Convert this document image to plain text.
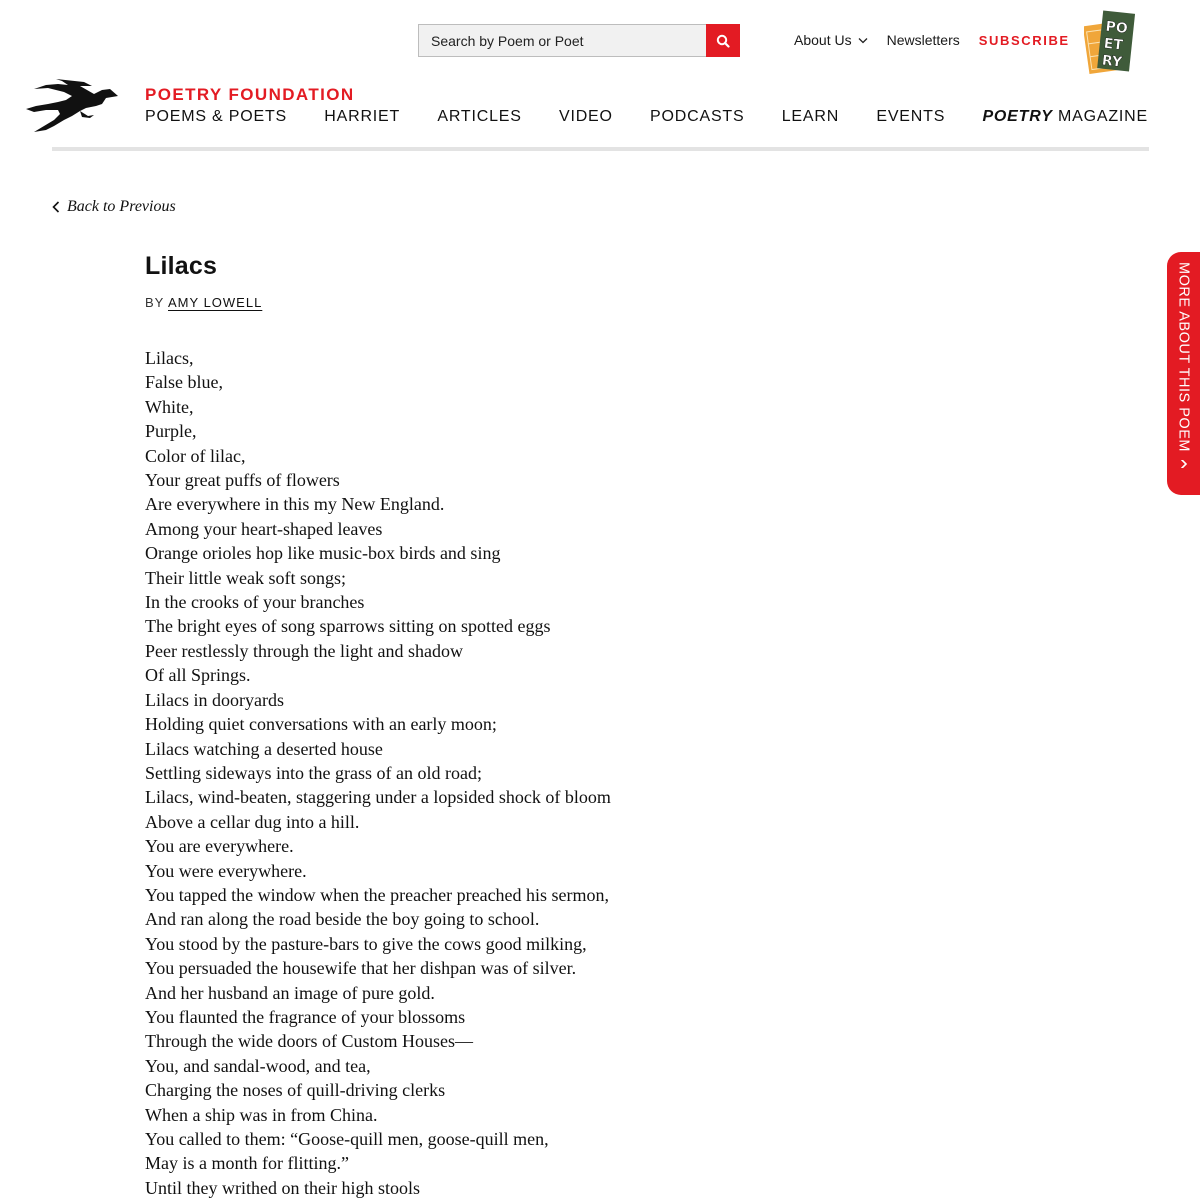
Search by Poem or Poet
About Us	Newsletters SUBSCRIBE
PO
ET
RY
POETRY FOUNDATION
POEMS & POETS HARRIET ARTICLES VIDEO PODCASTS LEARN EVENTS POETRY MAGAZINE
Back to Previous
Lilacs
BY AMY LOWELL
Lilacs,
False blue,
White,
Purple,
Color of lilac,
Your great puffs of flowers
Are everywhere in this my New England.
Among your heart-shaped leaves
Orange orioles hop like music-box birds and sing
Their little weak soft songs;
In the crooks of your branches
The bright eyes of song sparrows sitting on spotted eggs
Peer restlessly through the light and shadow
Of all Springs.
Lilacs in dooryards
Holding quiet conversations with an early moon;
Lilacs watching a deserted house
Settling sideways into the grass of an old road;
Lilacs, wind-beaten, staggering under a lopsided shock of bloom
Above a cellar dug into a hill.
You are everywhere.
You were everywhere.
You tapped the window when the preacher preached his sermon,
And ran along the road beside the boy going to school.
You stood by the pasture-bars to give the cows good milking,
You persuaded the housewife that her dishpan was of silver.
And her husband an image of pure gold.
You flaunted the fragrance of your blossoms
Through the wide doors of Custom Houses—
You, and sandal-wood, and tea,
Charging the noses of quill-driving clerks
When a ship was in from China.
You called to them: “Goose-quill men, goose-quill men,
May is a month for flitting.”
Until they writhed on their high stools
MORE ABOUT THIS POEM
